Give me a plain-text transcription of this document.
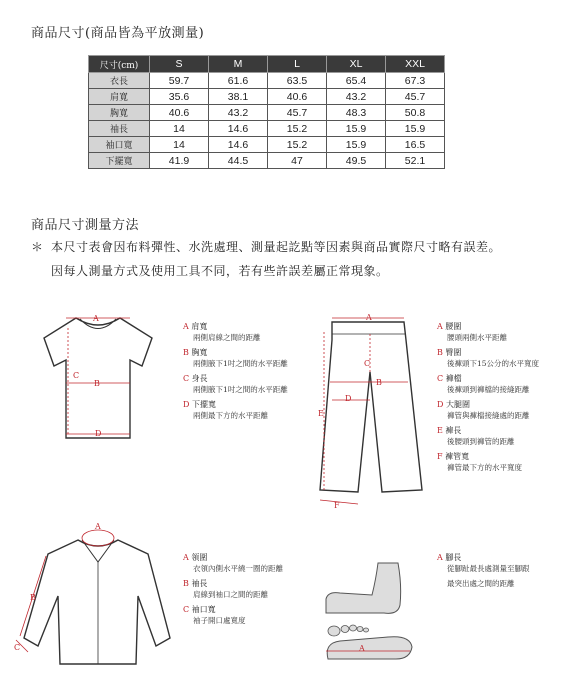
商品尺寸(商品皆為平放測量)
尺寸(cm)	S	M	L	XL	XXL
衣長	59.7	61.6	63.5	65.4	67.3
肩寬	35.6	38.1	40.6	43.2	45.7
胸寬	40.6	43.2	45.7	48.3	50.8
袖長	14	14.6	15.2	15.9	15.9
袖口寬	14	14.6	15.2	15.9	16.5
下擺寬	41.9	44.5	47	49.5	52.1
商品尺寸測量方法
＊ 本尺寸表會因布料彈性、水洗處理、測量起訖點等因素與商品實際尺寸略有誤差。
因每人測量方式及使用工具不同，若有些許誤差屬正常現象。
A
B
C
D
A 肩寬
兩側肩線之間的距離
B 胸寬
兩側腋下1吋之間的水平距離
C 身長
兩側腋下1吋之間的水平距離
D 下擺寬
兩側最下方的水平距離
A
B
C
D
E
F
A 腰圍
腰頭兩側水平距離
B 臀圍
後褲頭下15公分的水平寬度
C 褲檔
後褲頭到褲檔的接縫距離
D 大腿圍
褲管與褲檔接縫處的距離
E 褲長
後腰頭到褲管的距離
F 褲管寬
褲管最下方的水平寬度
A
B
C
A 領圍
衣領內側水平繞一圈的距離
B 袖長
肩線到袖口之間的距離
C 袖口寬
袖子開口處寬度
A
A 腳長
從腳趾最長處測量至腳跟
最突出處之間的距離
